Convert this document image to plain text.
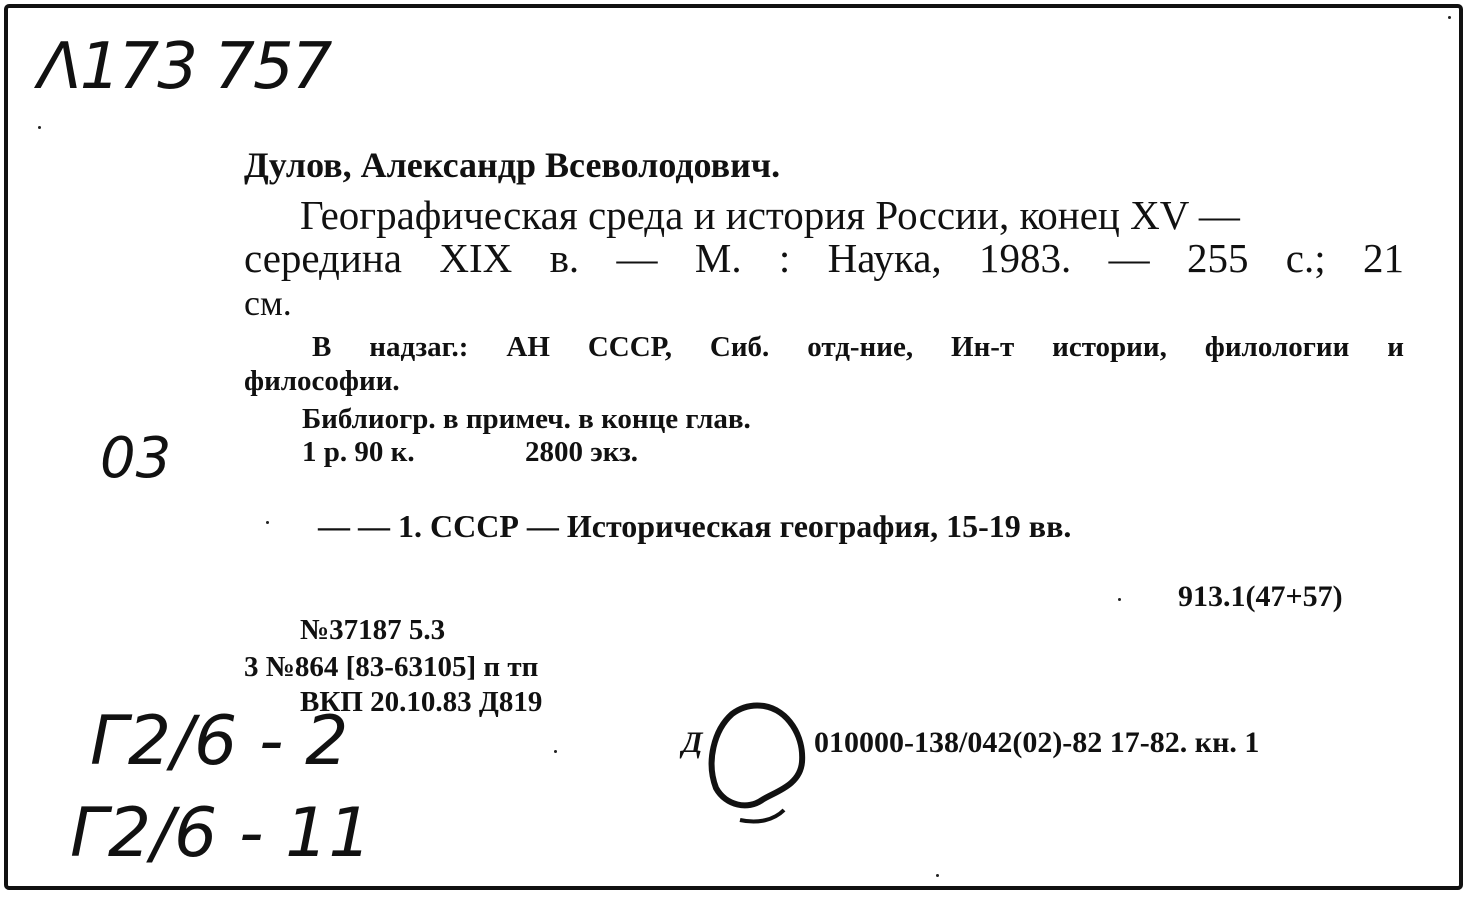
Λ173 757
Дулов, Александр Всеволодович.
Географическая среда и история России, конец XV —
середина XIX в. — М. : Наука, 1983. — 255 с.; 21
см.
В надзаг.: АН СССР, Сиб. отд-ние, Ин-т истории, филологии и
философии.
Библиогр. в примеч. в конце глав.
1 р. 90 к.	2800 экз.
03
— — 1. СССР — Историческая география, 15-19 вв.
913.1(47+57)
№37187 5.3
3 №864 [83-63105] п тп
ВКП 20.10.83 Д819
Д	010000-138/042(02)-82 17-82. кн. 1
Г2/6 - 2
Г2/6 - 11
